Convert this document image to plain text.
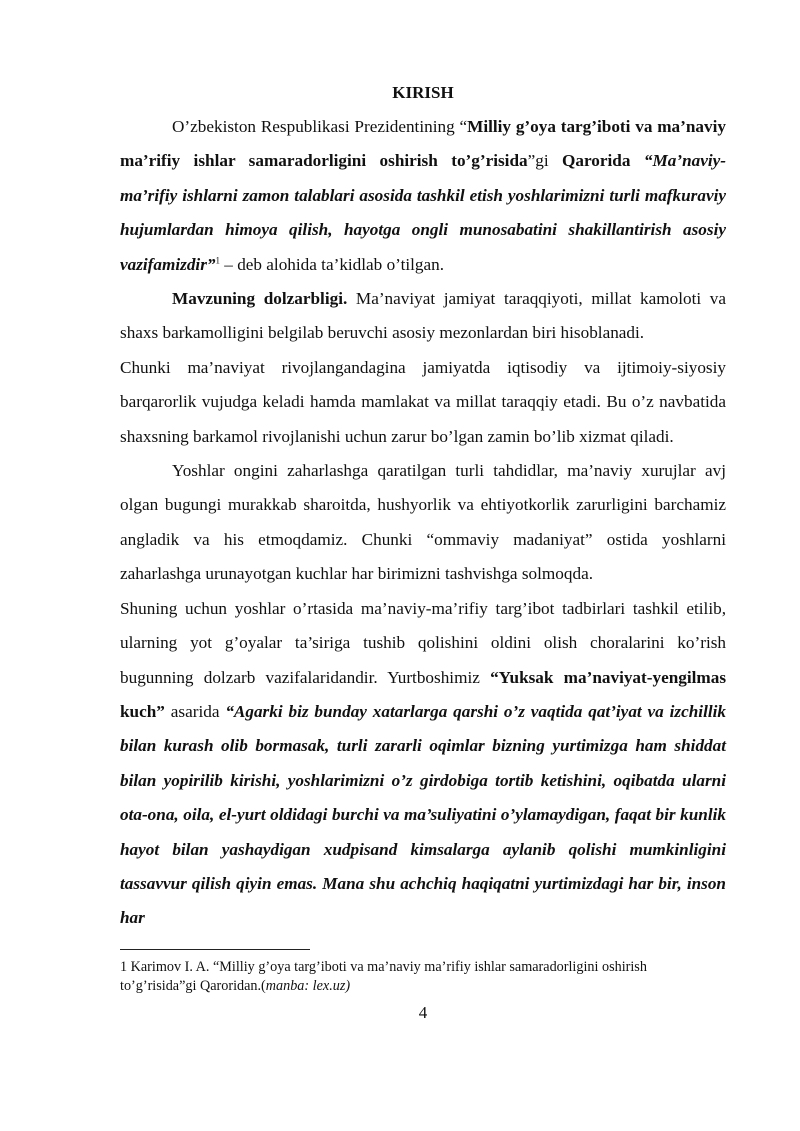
KIRISH

O’zbekiston Respublikasi Prezidentining “Milliy g’oya targ’iboti va ma’naviy ma’rifiy ishlar samaradorligini oshirish to’g’risida”gi Qarorida “Ma’naviy-ma’rifiy ishlarni zamon talablari asosida tashkil etish yoshlarimizni turli mafkuraviy hujumlardan himoya qilish, hayotga ongli munosabatini shakillantirish asosiy vazifamizdir”$^1$ – deb alohida ta’kidlab o’tilgan.

Mavzuning dolzarbligi. Ma’naviyat jamiyat taraqqiyoti, millat kamoloti va shaxs barkamolligini belgilab beruvchi asosiy mezonlardan biri hisoblanadi.

Chunki ma’naviyat rivojlangandagina jamiyatda iqtisodiy va ijtimoiy-siyosiy barqarorlik vujudga keladi hamda mamlakat va millat taraqqiy etadi. Bu o’z navbatida shaxsning barkamol rivojlanishi uchun zarur bo’lgan zamin bo’lib xizmat qiladi.

Yoshlar ongini zaharlashga qaratilgan turli tahdidlar, ma’naviy xurujlar avj olgan bugungi murakkab sharoitda, hushyorlik va ehtiyotkorlik zarurligini barchamiz angladik va his etmoqdamiz. Chunki “ommaviy madaniyat” ostida yoshlarni zaharlashga urunayotgan kuchlar har birimizni tashvishga solmoqda.

Shuning uchun yoshlar o’rtasida ma’naviy-ma’rifiy targ’ibot tadbirlari tashkil etilib, ularning yot g’oyalar ta’siriga tushib qolishini oldini olish choralarini ko’rish bugunning dolzarb vazifalaridandir. Yurtboshimiz “Yuksak ma’naviyat-yengilmas kuch” asarida “Agarki biz bunday xatarlarga qarshi o’z vaqtida qat’iyat va izchillik bilan kurash olib bormasak, turli zararli oqimlar bizning yurtimizga ham shiddat bilan yopirilib kirishi, yoshlarimizni o’z girdobiga tortib ketishini, oqibatda ularni ota-ona, oila, el-yurt oldidagi burchi va ma’suliyatini o’ylamaydigan, faqat bir kunlik hayot bilan yashaydigan xudpisand kimsalarga aylanib qolishi mumkinligini tassavvur qilish qiyin emas. Mana shu achchiq haqiqatni yurtimizdagi har bir, inson har

1 Karimov I. A. “Milliy g’oya targ’iboti va ma’naviy ma’rifiy ishlar samaradorligini oshirish to’g’risida”gi Qaroridan.(manba: lex.uz)

4
